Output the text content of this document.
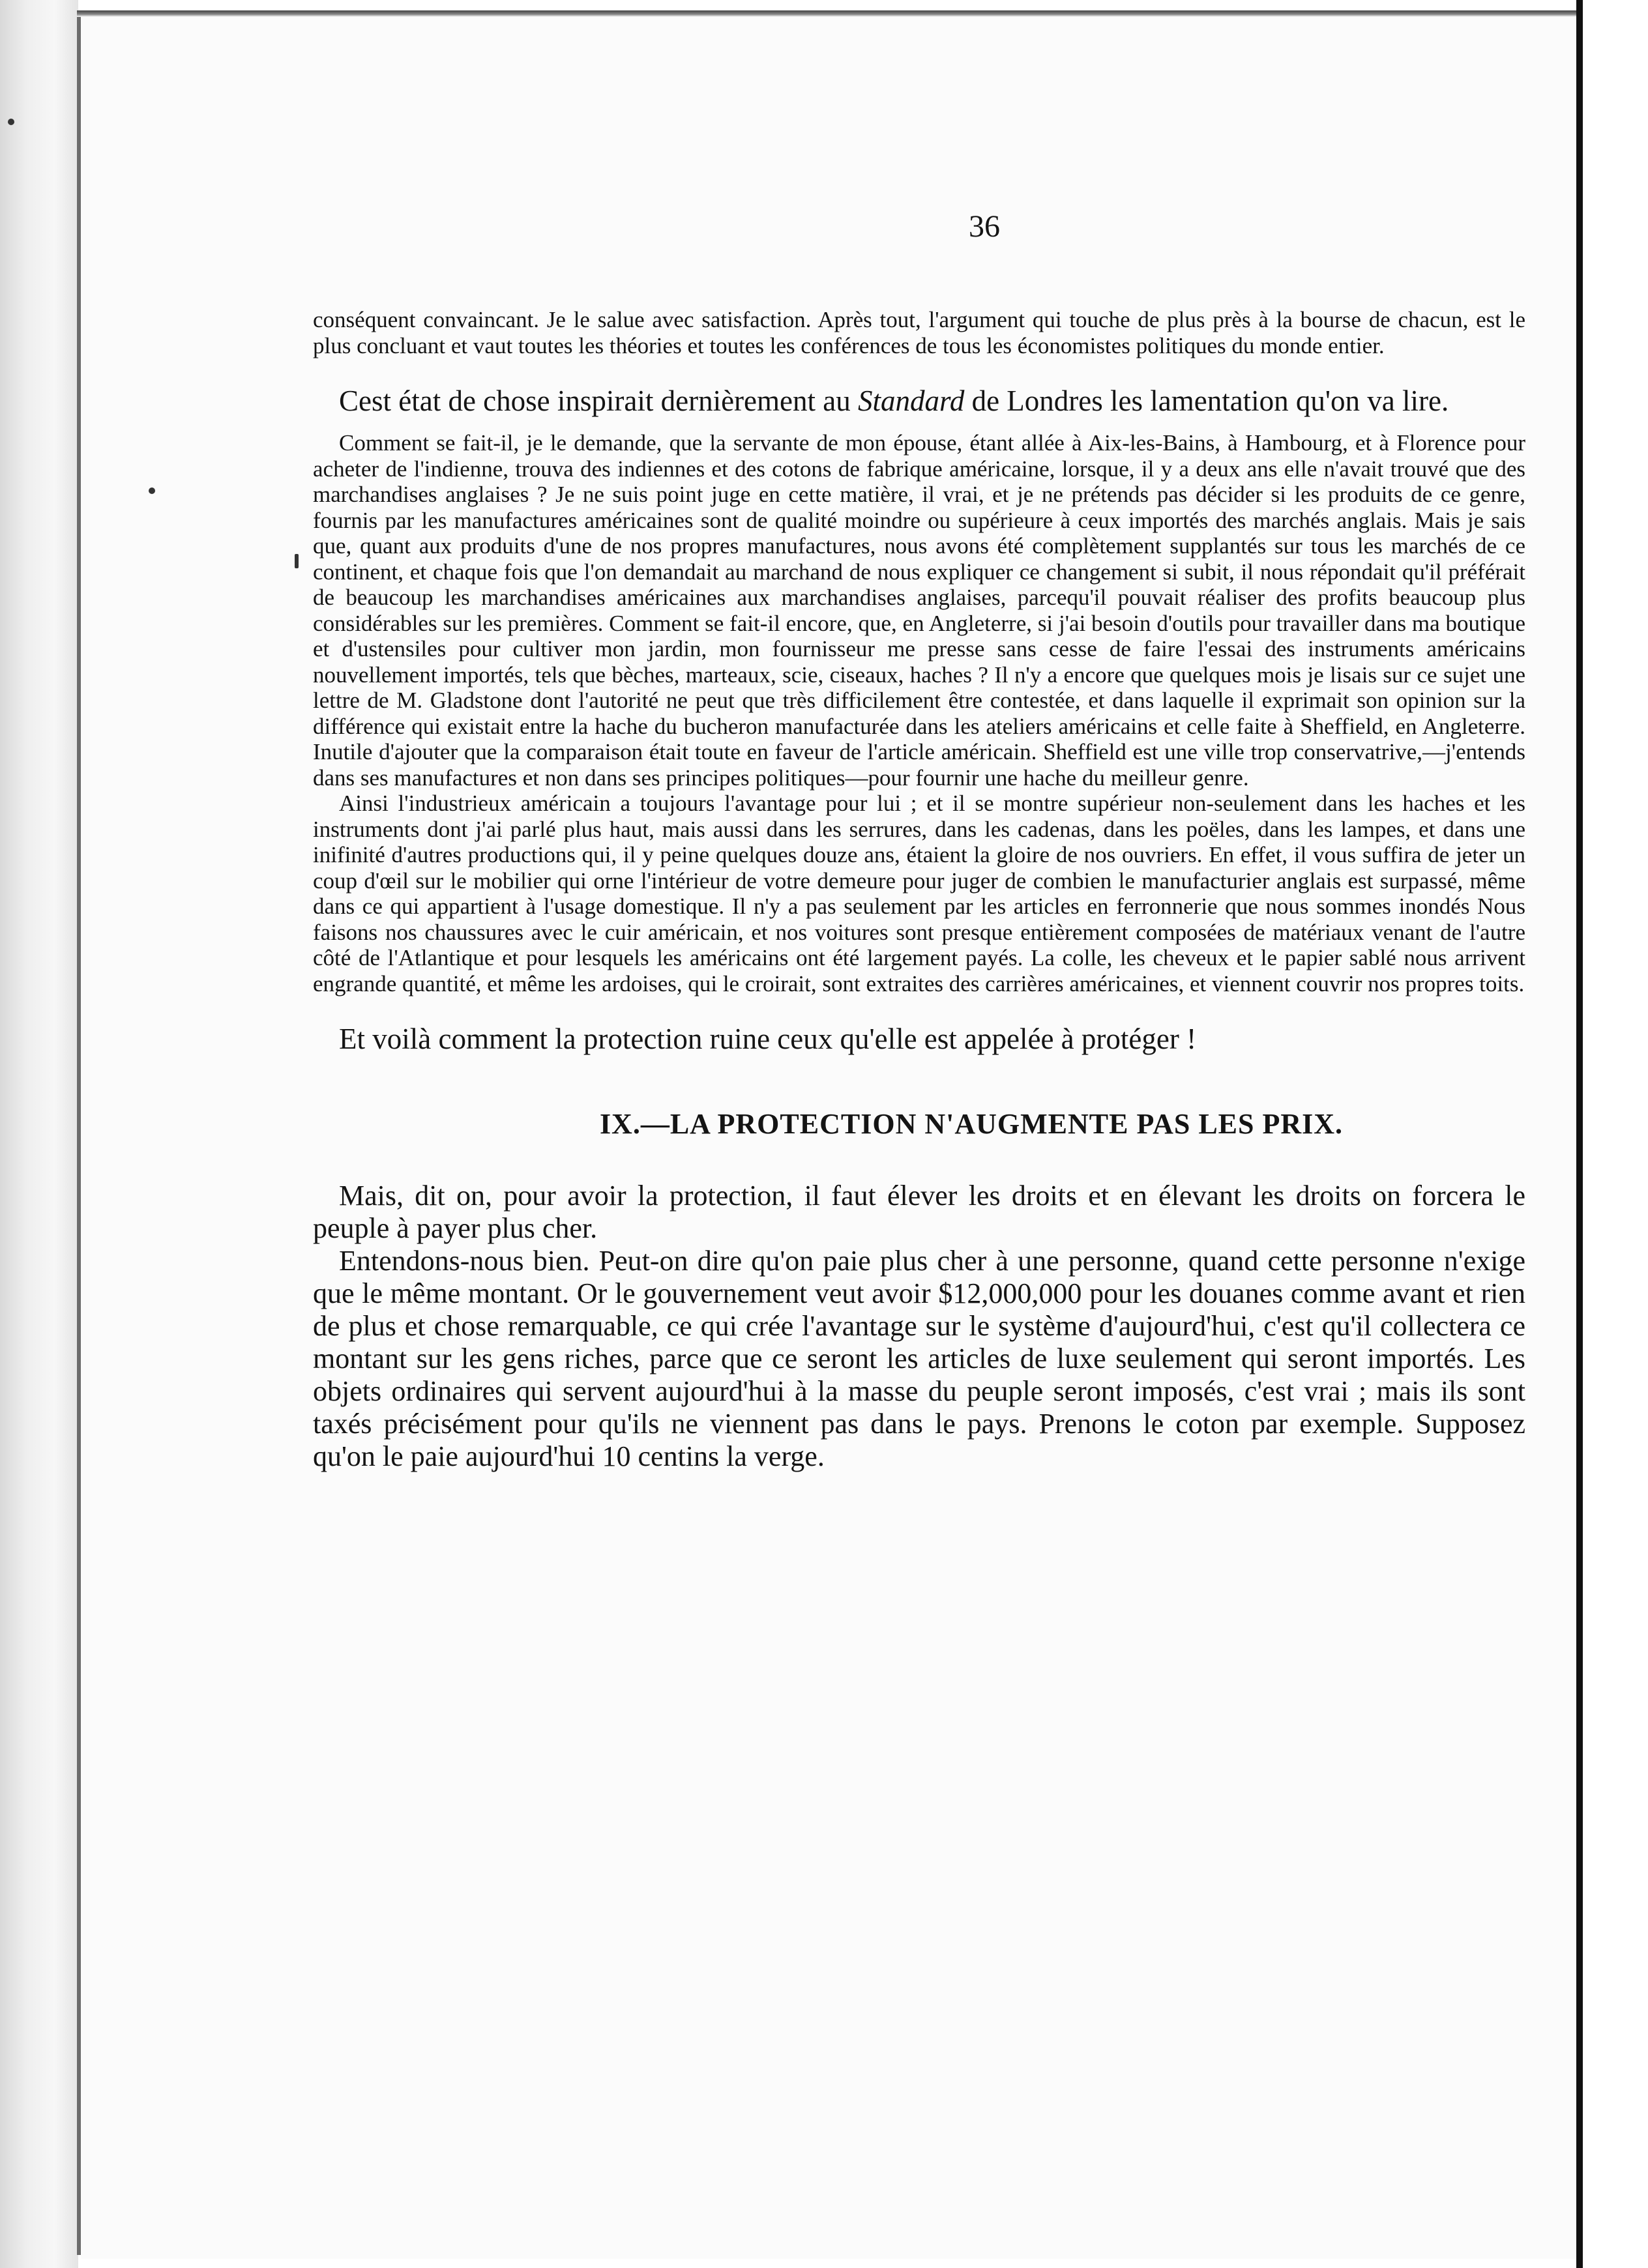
36

conséquent convaincant. Je le salue avec satisfaction. Après tout, l'argument qui touche de plus près à la bourse de chacun, est le plus concluant et vaut toutes les théories et toutes les conférences de tous les économistes politiques du monde entier.

Cest état de chose inspirait dernièrement au Standard de Londres les lamentation qu'on va lire.

Comment se fait-il, je le demande, que la servante de mon épouse, étant allée à Aix-les-Bains, à Hambourg, et à Florence pour acheter de l'indienne, trouva des indiennes et des cotons de fabrique américaine, lorsque, il y a deux ans elle n'avait trouvé que des marchandises anglaises ? Je ne suis point juge en cette matière, il vrai, et je ne prétends pas décider si les produits de ce genre, fournis par les manufactures américaines sont de qualité moindre ou supérieure à ceux importés des marchés anglais. Mais je sais que, quant aux produits d'une de nos propres manufactures, nous avons été complètement supplantés sur tous les marchés de ce continent, et chaque fois que l'on demandait au marchand de nous expliquer ce changement si subit, il nous répondait qu'il préférait de beaucoup les marchandises américaines aux marchandises anglaises, parcequ'il pouvait réaliser des profits beaucoup plus considérables sur les premières. Comment se fait-il encore, que, en Angleterre, si j'ai besoin d'outils pour travailler dans ma boutique et d'ustensiles pour cultiver mon jardin, mon fournisseur me presse sans cesse de faire l'essai des instruments américains nouvellement importés, tels que bèches, marteaux, scie, ciseaux, haches ? Il n'y a encore que quelques mois je lisais sur ce sujet une lettre de M. Gladstone dont l'autorité ne peut que très difficilement être contestée, et dans laquelle il exprimait son opinion sur la différence qui existait entre la hache du bucheron manufacturée dans les ateliers américains et celle faite à Sheffield, en Angleterre. Inutile d'ajouter que la comparaison était toute en faveur de l'article américain. Sheffield est une ville trop conservatrive,—j'entends dans ses manufactures et non dans ses principes politiques—pour fournir une hache du meilleur genre.

Ainsi l'industrieux américain a toujours l'avantage pour lui ; et il se montre supérieur non-seulement dans les haches et les instruments dont j'ai parlé plus haut, mais aussi dans les serrures, dans les cadenas, dans les poëles, dans les lampes, et dans une inifinité d'autres productions qui, il y peine quelques douze ans, étaient la gloire de nos ouvriers. En effet, il vous suffira de jeter un coup d'œil sur le mobilier qui orne l'intérieur de votre demeure pour juger de combien le manufacturier anglais est surpassé, même dans ce qui appartient à l'usage domestique. Il n'y a pas seulement par les articles en ferronnerie que nous sommes inondés Nous faisons nos chaussures avec le cuir américain, et nos voitures sont presque entièrement composées de matériaux venant de l'autre côté de l'Atlantique et pour lesquels les américains ont été largement payés. La colle, les cheveux et le papier sablé nous arrivent engrande quantité, et même les ardoises, qui le croirait, sont extraites des carrières américaines, et viennent couvrir nos propres toits.

Et voilà comment la protection ruine ceux qu'elle est appelée à protéger !

IX.—LA PROTECTION N'AUGMENTE PAS LES PRIX.

Mais, dit on, pour avoir la protection, il faut élever les droits et en élevant les droits on forcera le peuple à payer plus cher.

Entendons-nous bien. Peut-on dire qu'on paie plus cher à une personne, quand cette personne n'exige que le même montant. Or le gouvernement veut avoir $12,000,000 pour les douanes comme avant et rien de plus et chose remarquable, ce qui crée l'avantage sur le système d'aujourd'hui, c'est qu'il collectera ce montant sur les gens riches, parce que ce seront les articles de luxe seulement qui seront importés. Les objets ordinaires qui servent aujourd'hui à la masse du peuple seront imposés, c'est vrai ; mais ils sont taxés précisément pour qu'ils ne viennent pas dans le pays. Prenons le coton par exemple. Supposez qu'on le paie aujourd'hui 10 centins la verge.
